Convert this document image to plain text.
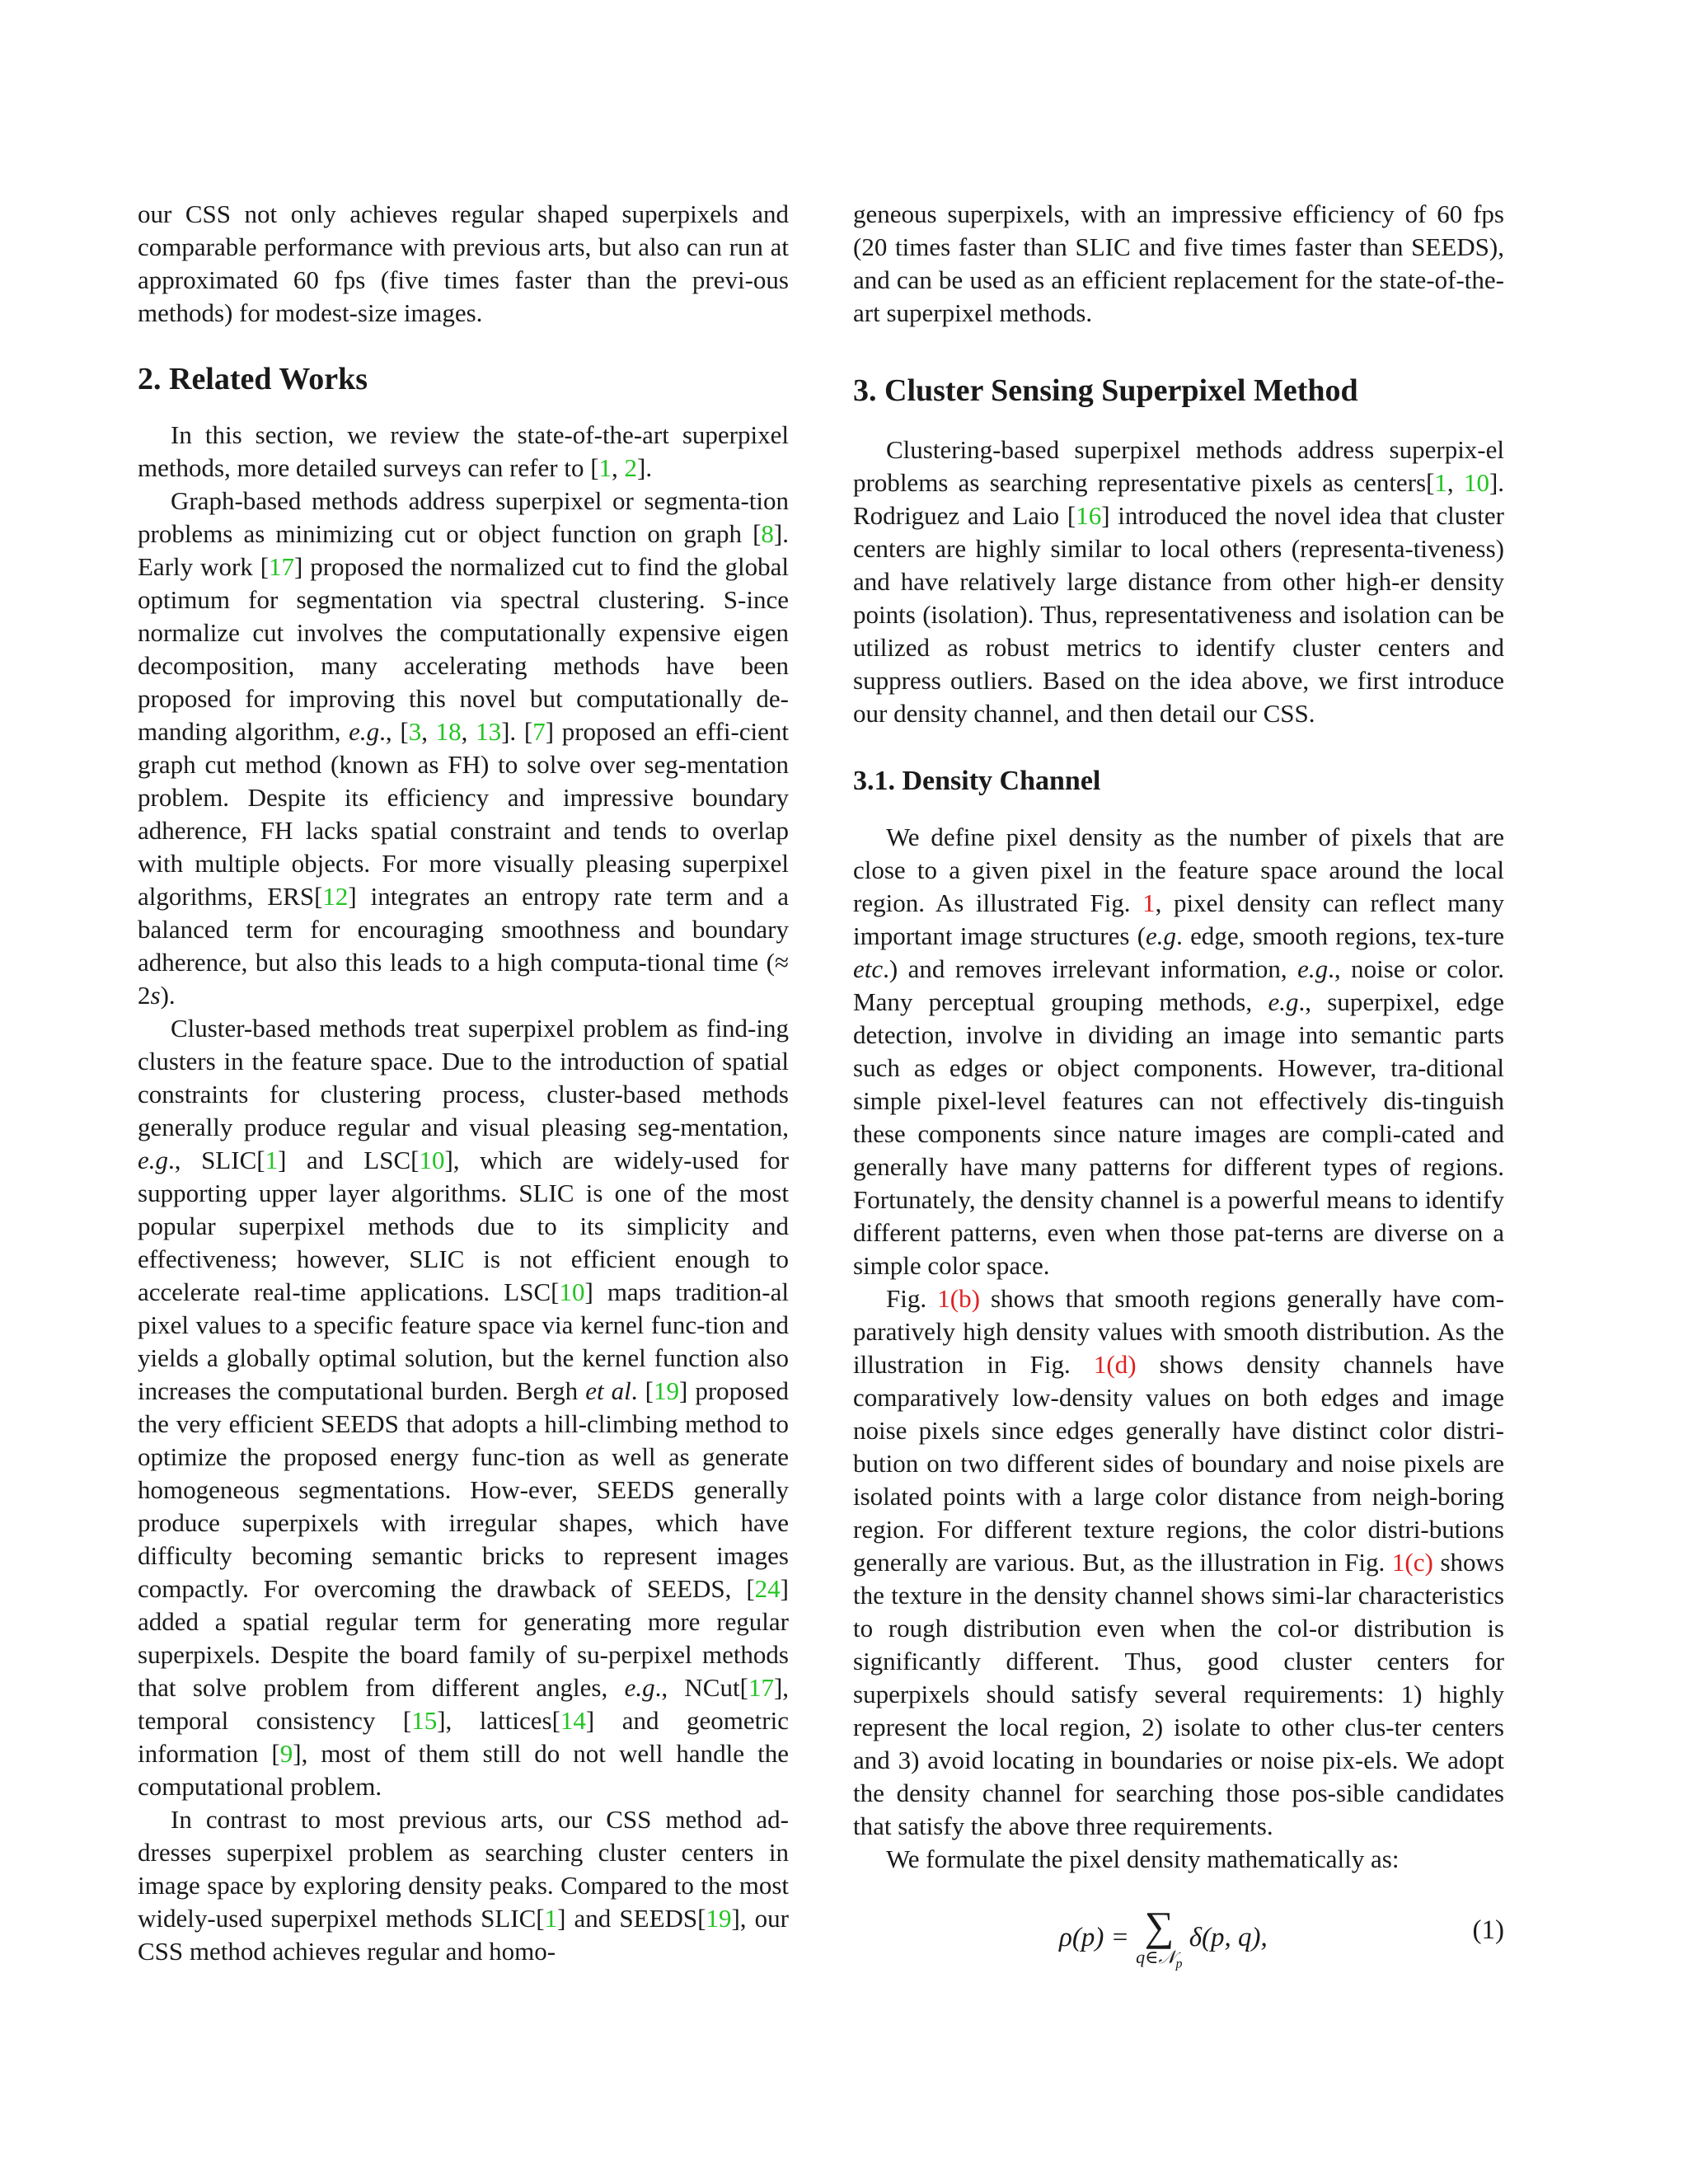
our CSS not only achieves regular shaped superpixels and comparable performance with previous arts, but also can run at approximated 60 fps (five times faster than the previ-ous methods) for modest-size images.

2. Related Works

In this section, we review the state-of-the-art superpixel methods, more detailed surveys can refer to [1, 2].

Graph-based methods address superpixel or segmenta-tion problems as minimizing cut or object function on graph [8]. Early work [17] proposed the normalized cut to find the global optimum for segmentation via spectral clustering. S-ince normalize cut involves the computationally expensive eigen decomposition, many accelerating methods have been proposed for improving this novel but computationally de-manding algorithm, e.g., [3, 18, 13]. [7] proposed an effi-cient graph cut method (known as FH) to solve over seg-mentation problem. Despite its efficiency and impressive boundary adherence, FH lacks spatial constraint and tends to overlap with multiple objects. For more visually pleasing superpixel algorithms, ERS[12] integrates an entropy rate term and a balanced term for encouraging smoothness and boundary adherence, but also this leads to a high computa-tional time (≈ 2s).

Cluster-based methods treat superpixel problem as find-ing clusters in the feature space. Due to the introduction of spatial constraints for clustering process, cluster-based methods generally produce regular and visual pleasing seg-mentation, e.g., SLIC[1] and LSC[10], which are widely-used for supporting upper layer algorithms. SLIC is one of the most popular superpixel methods due to its simplicity and effectiveness; however, SLIC is not efficient enough to accelerate real-time applications. LSC[10] maps tradition-al pixel values to a specific feature space via kernel func-tion and yields a globally optimal solution, but the kernel function also increases the computational burden. Bergh et al. [19] proposed the very efficient SEEDS that adopts a hill-climbing method to optimize the proposed energy func-tion as well as generate homogeneous segmentations. How-ever, SEEDS generally produce superpixels with irregular shapes, which have difficulty becoming semantic bricks to represent images compactly. For overcoming the drawback of SEEDS, [24] added a spatial regular term for generating more regular superpixels. Despite the board family of su-perpixel methods that solve problem from different angles, e.g., NCut[17], temporal consistency [15], lattices[14] and geometric information [9], most of them still do not well handle the computational problem.

In contrast to most previous arts, our CSS method ad-dresses superpixel problem as searching cluster centers in image space by exploring density peaks. Compared to the most widely-used superpixel methods SLIC[1] and SEEDS[19], our CSS method achieves regular and homo-

geneous superpixels, with an impressive efficiency of 60 fps (20 times faster than SLIC and five times faster than SEEDS), and can be used as an efficient replacement for the state-of-the-art superpixel methods.

3. Cluster Sensing Superpixel Method

Clustering-based superpixel methods address superpix-el problems as searching representative pixels as centers[1, 10]. Rodriguez and Laio [16] introduced the novel idea that cluster centers are highly similar to local others (representa-tiveness) and have relatively large distance from other high-er density points (isolation). Thus, representativeness and isolation can be utilized as robust metrics to identify cluster centers and suppress outliers. Based on the idea above, we first introduce our density channel, and then detail our CSS.

3.1. Density Channel

We define pixel density as the number of pixels that are close to a given pixel in the feature space around the local region. As illustrated Fig. 1, pixel density can reflect many important image structures (e.g. edge, smooth regions, tex-ture etc.) and removes irrelevant information, e.g., noise or color. Many perceptual grouping methods, e.g., superpixel, edge detection, involve in dividing an image into semantic parts such as edges or object components. However, tra-ditional simple pixel-level features can not effectively dis-tinguish these components since nature images are compli-cated and generally have many patterns for different types of regions. Fortunately, the density channel is a powerful means to identify different patterns, even when those pat-terns are diverse on a simple color space.

Fig. 1(b) shows that smooth regions generally have com-paratively high density values with smooth distribution. As the illustration in Fig. 1(d) shows density channels have comparatively low-density values on both edges and image noise pixels since edges generally have distinct color distri-bution on two different sides of boundary and noise pixels are isolated points with a large color distance from neigh-boring region. For different texture regions, the color distri-butions generally are various. But, as the illustration in Fig. 1(c) shows the texture in the density channel shows simi-lar characteristics to rough distribution even when the col-or distribution is significantly different. Thus, good cluster centers for superpixels should satisfy several requirements: 1) highly represent the local region, 2) isolate to other clus-ter centers and 3) avoid locating in boundaries or noise pix-els. We adopt the density channel for searching those pos-sible candidates that satisfy the above three requirements.

We formulate the pixel density mathematically as:

ρ(p) = ∑
q∈𝒩$_p$
δ(p, q),	(1)
